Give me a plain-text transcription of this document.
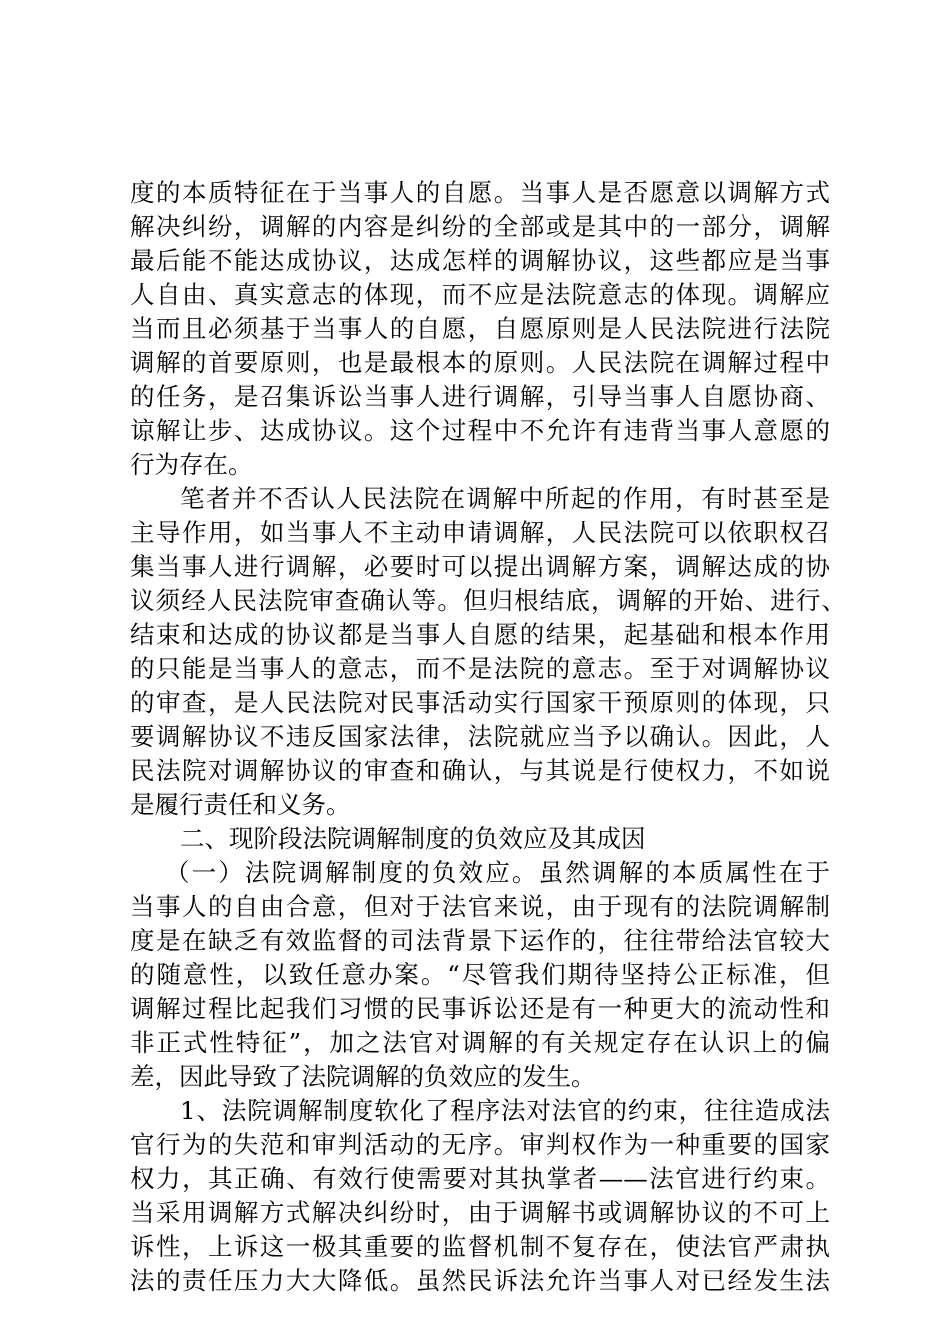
度的本质特征在于当事人的自愿。当事人是否愿意以调解方式
解决纠纷，调解的内容是纠纷的全部或是其中的一部分，调解
最后能不能达成协议，达成怎样的调解协议，这些都应是当事
人自由、真实意志的体现，而不应是法院意志的体现。调解应
当而且必须基于当事人的自愿，自愿原则是人民法院进行法院
调解的首要原则，也是最根本的原则。人民法院在调解过程中
的任务，是召集诉讼当事人进行调解，引导当事人自愿协商、
谅解让步、达成协议。这个过程中不允许有违背当事人意愿的
行为存在。
笔者并不否认人民法院在调解中所起的作用，有时甚至是
主导作用，如当事人不主动申请调解，人民法院可以依职权召
集当事人进行调解，必要时可以提出调解方案，调解达成的协
议须经人民法院审查确认等。但归根结底，调解的开始、进行、
结束和达成的协议都是当事人自愿的结果，起基础和根本作用
的只能是当事人的意志，而不是法院的意志。至于对调解协议
的审查，是人民法院对民事活动实行国家干预原则的体现，只
要调解协议不违反国家法律，法院就应当予以确认。因此，人
民法院对调解协议的审查和确认，与其说是行使权力，不如说
是履行责任和义务。
二、现阶段法院调解制度的负效应及其成因
（一）法院调解制度的负效应。虽然调解的本质属性在于
当事人的自由合意，但对于法官来说，由于现有的法院调解制
度是在缺乏有效监督的司法背景下运作的，往往带给法官较大
的随意性，以致任意办案。“尽管我们期待坚持公正标准，但
调解过程比起我们习惯的民事诉讼还是有一种更大的流动性和
非正式性特征”，加之法官对调解的有关规定存在认识上的偏
差，因此导致了法院调解的负效应的发生。
1、法院调解制度软化了程序法对法官的约束，往往造成法
官行为的失范和审判活动的无序。审判权作为一种重要的国家
权力，其正确、有效行使需要对其执掌者——法官进行约束。
当采用调解方式解决纠纷时，由于调解书或调解协议的不可上
诉性，上诉这一极其重要的监督机制不复存在，使法官严肃执
法的责任压力大大降低。虽然民诉法允许当事人对已经发生法
